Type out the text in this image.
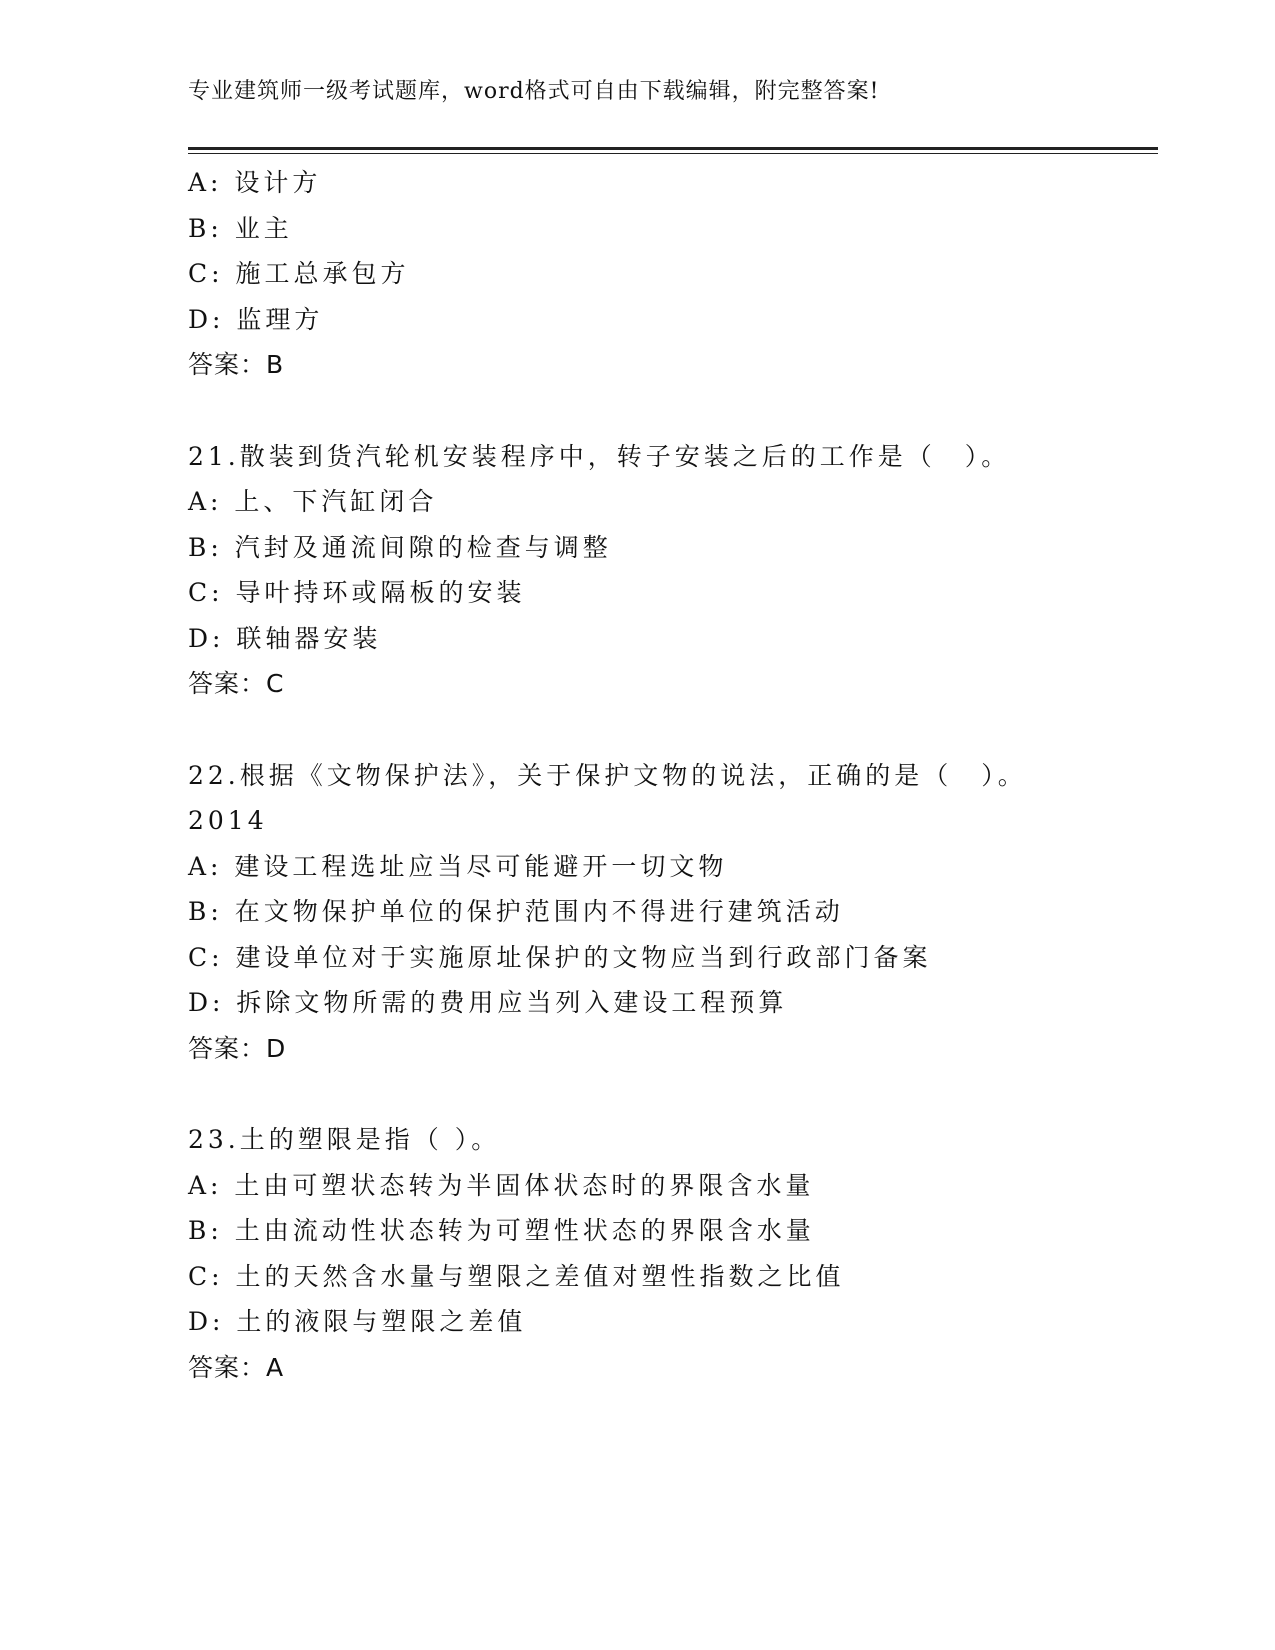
专业建筑师一级考试题库，word格式可自由下载编辑，附完整答案!
A: 设计方
B: 业主
C: 施工总承包方
D: 监理方
答案：B
21.散装到货汽轮机安装程序中，转子安装之后的工作是（　）。
A: 上、下汽缸闭合
B: 汽封及通流间隙的检查与调整
C: 导叶持环或隔板的安装
D: 联轴器安装
答案：C
22.根据《文物保护法》，关于保护文物的说法，正确的是（　）。
2014
A: 建设工程选址应当尽可能避开一切文物
B: 在文物保护单位的保护范围内不得进行建筑活动
C: 建设单位对于实施原址保护的文物应当到行政部门备案
D: 拆除文物所需的费用应当列入建设工程预算
答案：D
23.土的塑限是指（ ）。
A: 土由可塑状态转为半固体状态时的界限含水量
B: 土由流动性状态转为可塑性状态的界限含水量
C: 土的天然含水量与塑限之差值对塑性指数之比值
D: 土的液限与塑限之差值
答案：A
